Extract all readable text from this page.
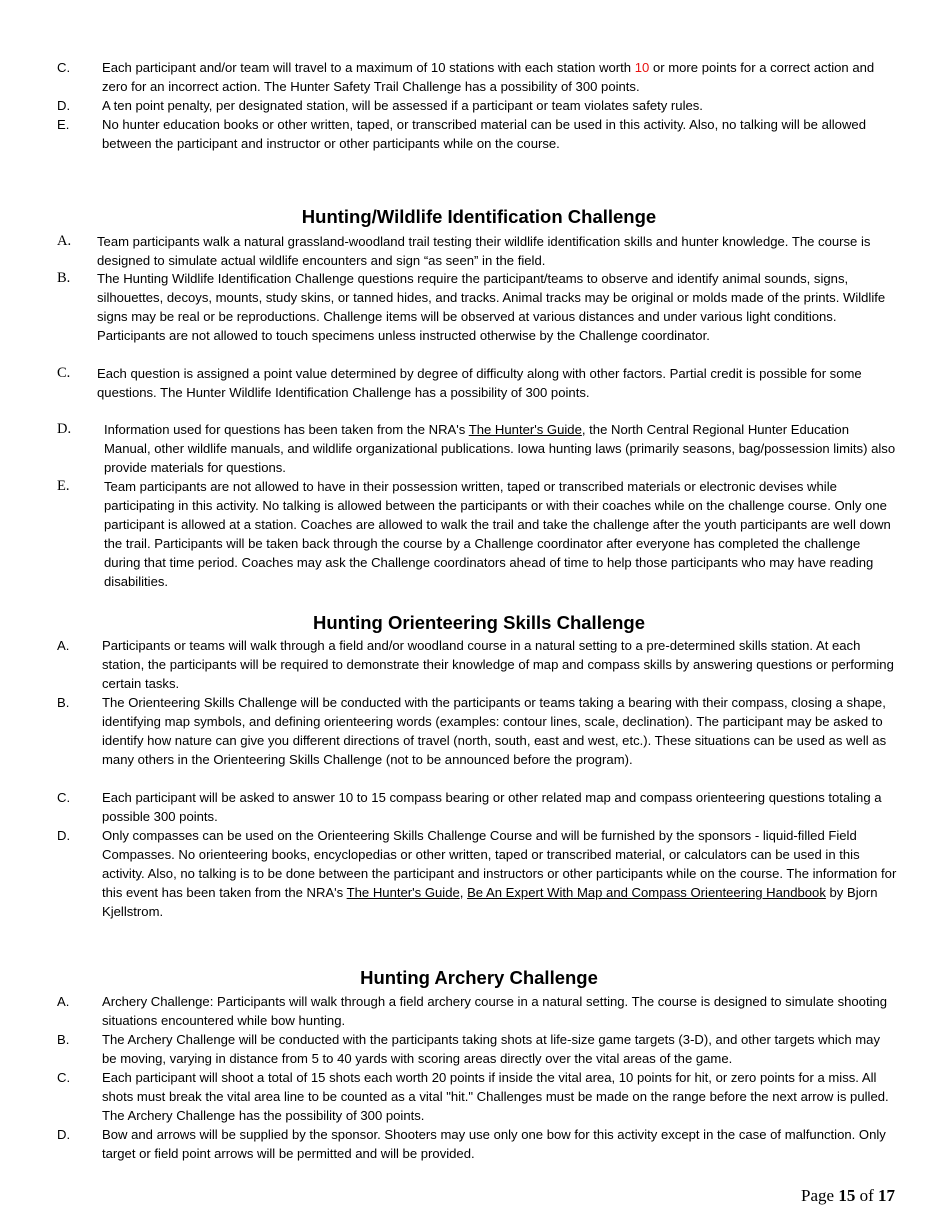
C. Each participant and/or team will travel to a maximum of 10 stations with each station worth 10 or more points for a correct action and zero for an incorrect action. The Hunter Safety Trail Challenge has a possibility of 300 points.
D. A ten point penalty, per designated station, will be assessed if a participant or team violates safety rules.
E. No hunter education books or other written, taped, or transcribed material can be used in this activity. Also, no talking will be allowed between the participant and instructor or other participants while on the course.
Hunting/Wildlife Identification Challenge
A. Team participants walk a natural grassland-woodland trail testing their wildlife identification skills and hunter knowledge. The course is designed to simulate actual wildlife encounters and sign “as seen” in the field.
B. The Hunting Wildlife Identification Challenge questions require the participant/teams to observe and identify animal sounds, signs, silhouettes, decoys, mounts, study skins, or tanned hides, and tracks. Animal tracks may be original or molds made of the prints. Wildlife signs may be real or be reproductions. Challenge items will be observed at various distances and under various light conditions. Participants are not allowed to touch specimens unless instructed otherwise by the Challenge coordinator.
C. Each question is assigned a point value determined by degree of difficulty along with other factors. Partial credit is possible for some questions. The Hunter Wildlife Identification Challenge has a possibility of 300 points.
D.	Information used for questions has been taken from the NRA's The Hunter's Guide, the North Central Regional Hunter Education Manual, other wildlife manuals, and wildlife organizational publications. Iowa hunting laws (primarily seasons, bag/possession limits) also provide materials for questions.
E.	Team participants are not allowed to have in their possession written, taped or transcribed materials or electronic devises while participating in this activity. No talking is allowed between the participants or with their coaches while on the challenge course. Only one participant is allowed at a station. Coaches are allowed to walk the trail and take the challenge after the youth participants are well down the trail. Participants will be taken back through the course by a Challenge coordinator after everyone has completed the challenge during that time period. Coaches may ask the Challenge coordinators ahead of time to help those participants who may have reading disabilities.
Hunting Orienteering Skills Challenge
A. Participants or teams will walk through a field and/or woodland course in a natural setting to a pre-determined skills station. At each station, the participants will be required to demonstrate their knowledge of map and compass skills by answering questions or performing certain tasks.
B. The Orienteering Skills Challenge will be conducted with the participants or teams taking a bearing with their compass, closing a shape, identifying map symbols, and defining orienteering words (examples: contour lines, scale, declination). The participant may be asked to identify how nature can give you different directions of travel (north, south, east and west, etc.). These situations can be used as well as many others in the Orienteering Skills Challenge (not to be announced before the program).
C. Each participant will be asked to answer 10 to 15 compass bearing or other related map and compass orienteering questions totaling a possible 300 points.
D. Only compasses can be used on the Orienteering Skills Challenge Course and will be furnished by the sponsors - liquid-filled Field Compasses. No orienteering books, encyclopedias or other written, taped or transcribed material, or calculators can be used in this activity. Also, no talking is to be done between the participant and instructors or other participants while on the course. The information for this event has been taken from the NRA's The Hunter's Guide, Be An Expert With Map and Compass Orienteering Handbook by Bjorn Kjellstrom.
Hunting Archery Challenge
A. Archery Challenge: Participants will walk through a field archery course in a natural setting. The course is designed to simulate shooting situations encountered while bow hunting.
B. The Archery Challenge will be conducted with the participants taking shots at life-size game targets (3-D), and other targets which may be moving, varying in distance from 5 to 40 yards with scoring areas directly over the vital areas of the game.
C. Each participant will shoot a total of 15 shots each worth 20 points if inside the vital area, 10 points for hit, or zero points for a miss. All shots must break the vital area line to be counted as a vital "hit." Challenges must be made on the range before the next arrow is pulled. The Archery Challenge has the possibility of 300 points.
D. Bow and arrows will be supplied by the sponsor. Shooters may use only one bow for this activity except in the case of malfunction. Only target or field point arrows will be permitted and will be provided.
Page 15 of 17
